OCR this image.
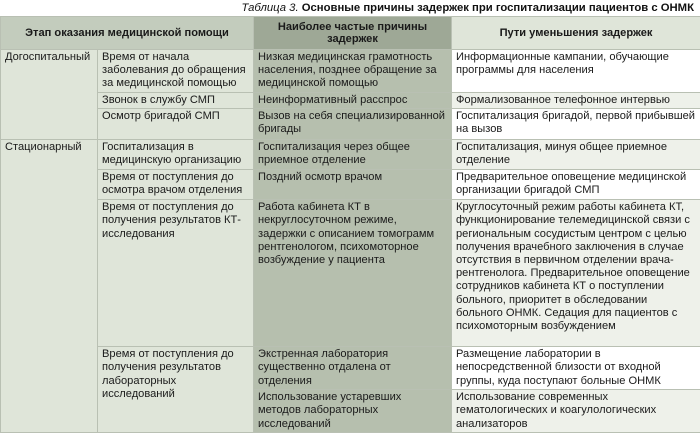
Таблица 3. Основные причины задержек при госпитализации пациентов с ОНМК
Этап оказания медицинской помощи		Наиболее частые причины задержек	Пути уменьшения задержек
Догоспитальный	Время от начала заболевания до обращения за медицинской помощью	Низкая медицинская грамотность населения, позднее обращение за медицинской помощью	Информационные кампании, обучающие программы для населения
	Звонок в службу СМП	Неинформативный расспрос	Формализованное телефонное интервью
	Осмотр бригадой СМП	Вызов на себя специализированной бригады	Госпитализация бригадой, первой прибывшей на вызов
Стационарный	Госпитализация в медицинскую организацию	Госпитализация через общее приемное отделение	Госпитализация, минуя общее приемное отделение
	Время от поступления до осмотра врачом отделения	Поздний осмотр врачом	Предварительное оповещение медицинской организации бригадой СМП
	Время от поступления до получения результатов КТ-исследования	Работа кабинета КТ в некруглосуточном режиме, задержки с описанием томограмм рентгенологом, психомоторное возбуждение у пациента	Круглосуточный режим работы кабинета КТ, функционирование телемедицинской связи с региональным сосудистым центром с целью получения врачебного заключения в случае отсутствия в первичном отделении врача-рентгенолога. Предварительное оповещение сотрудников кабинета КТ о поступлении больного, приоритет в обследовании больного ОНМК. Седация для пациентов с психомоторным возбуждением
	Время от поступления до получения результатов лабораторных исследований	Экстренная лаборатория существенно отдалена от отделения	Размещение лаборатории в непосредственной близости от входной группы, куда поступают больные ОНМК
		Использование устаревших методов лабораторных исследований	Использование современных гематологических и коагулологических анализаторов
